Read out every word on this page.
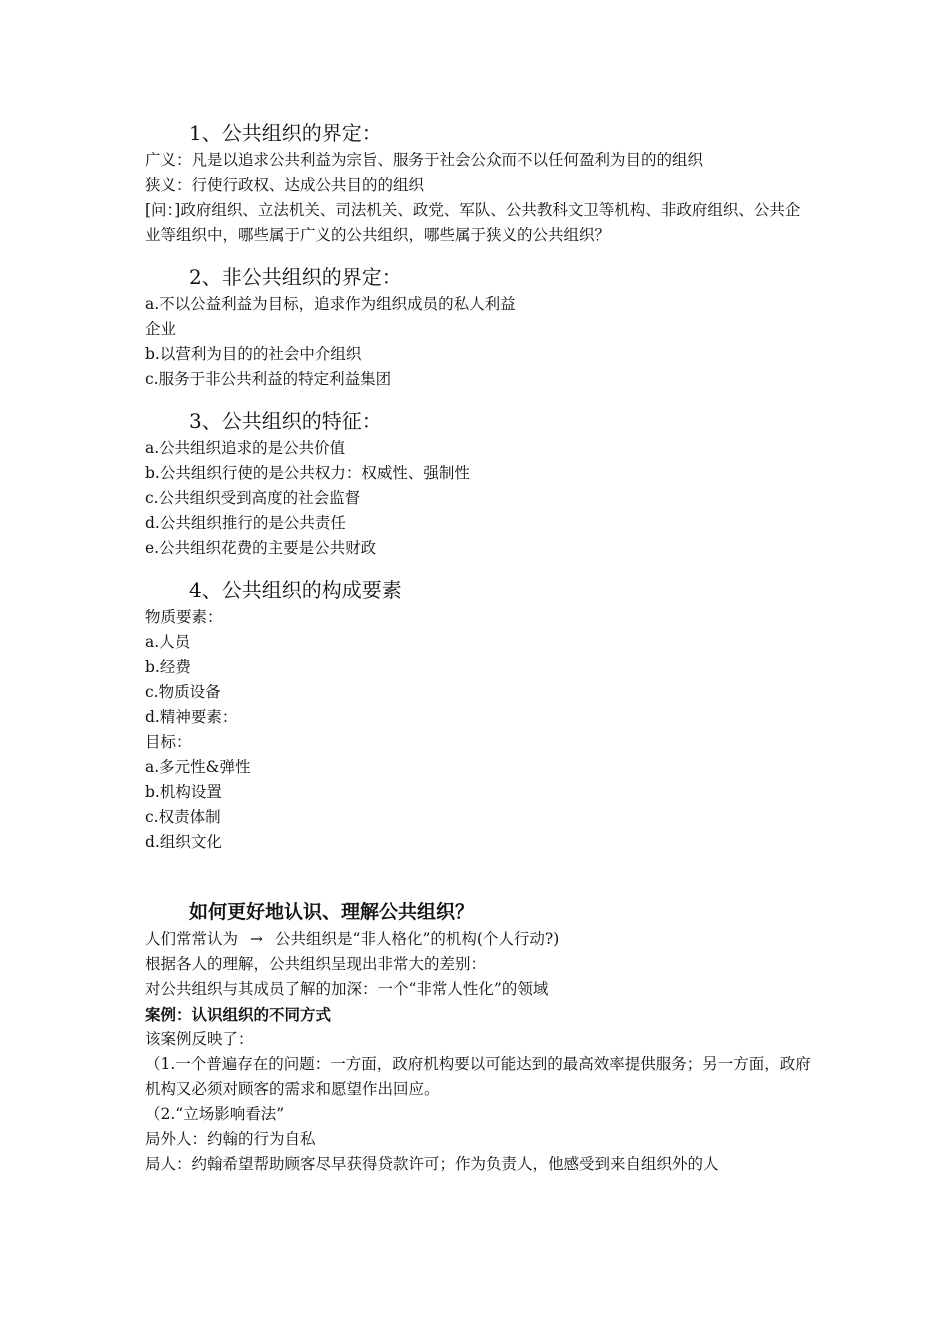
1、公共组织的界定：
广义：凡是以追求公共利益为宗旨、服务于社会公众而不以任何盈利为目的的组织
狭义：行使行政权、达成公共目的的组织
[问：]政府组织、立法机关、司法机关、政党、军队、公共教科文卫等机构、非政府组织、公共企业等组织中，哪些属于广义的公共组织，哪些属于狭义的公共组织？
2、非公共组织的界定：
a.不以公益利益为目标，追求作为组织成员的私人利益
企业
b.以营利为目的的社会中介组织
c.服务于非公共利益的特定利益集团
3、公共组织的特征：
a.公共组织追求的是公共价值
b.公共组织行使的是公共权力：权威性、强制性
c.公共组织受到高度的社会监督
d.公共组织推行的是公共责任
e.公共组织花费的主要是公共财政
4、公共组织的构成要素
物质要素：
a.人员
b.经费
c.物质设备
d.精神要素：
目标：
a.多元性&弹性
b.机构设置
c.权责体制
d.组织文化
如何更好地认识、理解公共组织？
人们常常认为 → 公共组织是“非人格化”的机构(个人行动?)
根据各人的理解，公共组织呈现出非常大的差别：
对公共组织与其成员了解的加深：一个“非常人性化”的领域
案例：认识组织的不同方式
该案例反映了：
（1.一个普遍存在的问题：一方面，政府机构要以可能达到的最高效率提供服务；另一方面，政府机构又必须对顾客的需求和愿望作出回应。
（2.“立场影响看法”
局外人：约翰的行为自私
局人：约翰希望帮助顾客尽早获得贷款许可；作为负责人，他感受到来自组织外的人
